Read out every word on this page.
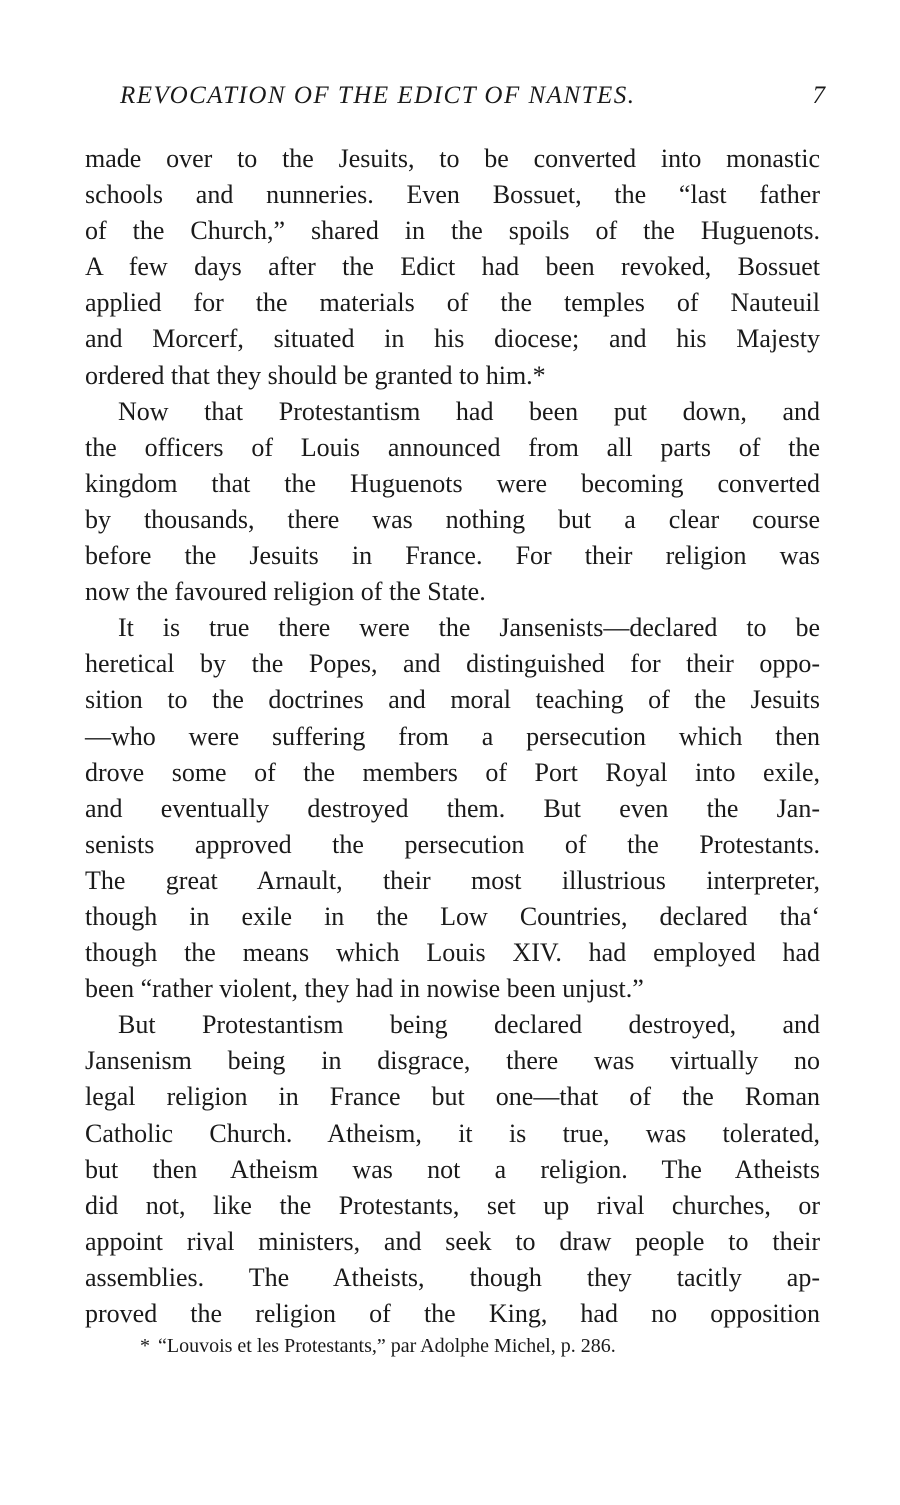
REVOCATION OF THE EDICT OF NANTES.	7
made over to the Jesuits, to be converted into monastic
schools and nunneries. Even Bossuet, the “last father
of the Church,” shared in the spoils of the Huguenots.
A few days after the Edict had been revoked, Bossuet
applied for the materials of the temples of Nauteuil
and Morcerf, situated in his diocese; and his Majesty
ordered that they should be granted to him.*
Now that Protestantism had been put down, and
the officers of Louis announced from all parts of the
kingdom that the Huguenots were becoming converted
by thousands, there was nothing but a clear course
before the Jesuits in France. For their religion was
now the favoured religion of the State.
It is true there were the Jansenists—declared to be
heretical by the Popes, and distinguished for their oppo-
sition to the doctrines and moral teaching of the Jesuits
—who were suffering from a persecution which then
drove some of the members of Port Royal into exile,
and eventually destroyed them. But even the Jan-
senists approved the persecution of the Protestants.
The great Arnault, their most illustrious interpreter,
though in exile in the Low Countries, declared tha‘
though the means which Louis XIV. had employed had
been “rather violent, they had in nowise been unjust.”
But Protestantism being declared destroyed, and
Jansenism being in disgrace, there was virtually no
legal religion in France but one—that of the Roman
Catholic Church. Atheism, it is true, was tolerated,
but then Atheism was not a religion. The Atheists
did not, like the Protestants, set up rival churches, or
appoint rival ministers, and seek to draw people to their
assemblies. The Atheists, though they tacitly ap-
proved the religion of the King, had no opposition
* “Louvois et les Protestants,” par Adolphe Michel, p. 286.
